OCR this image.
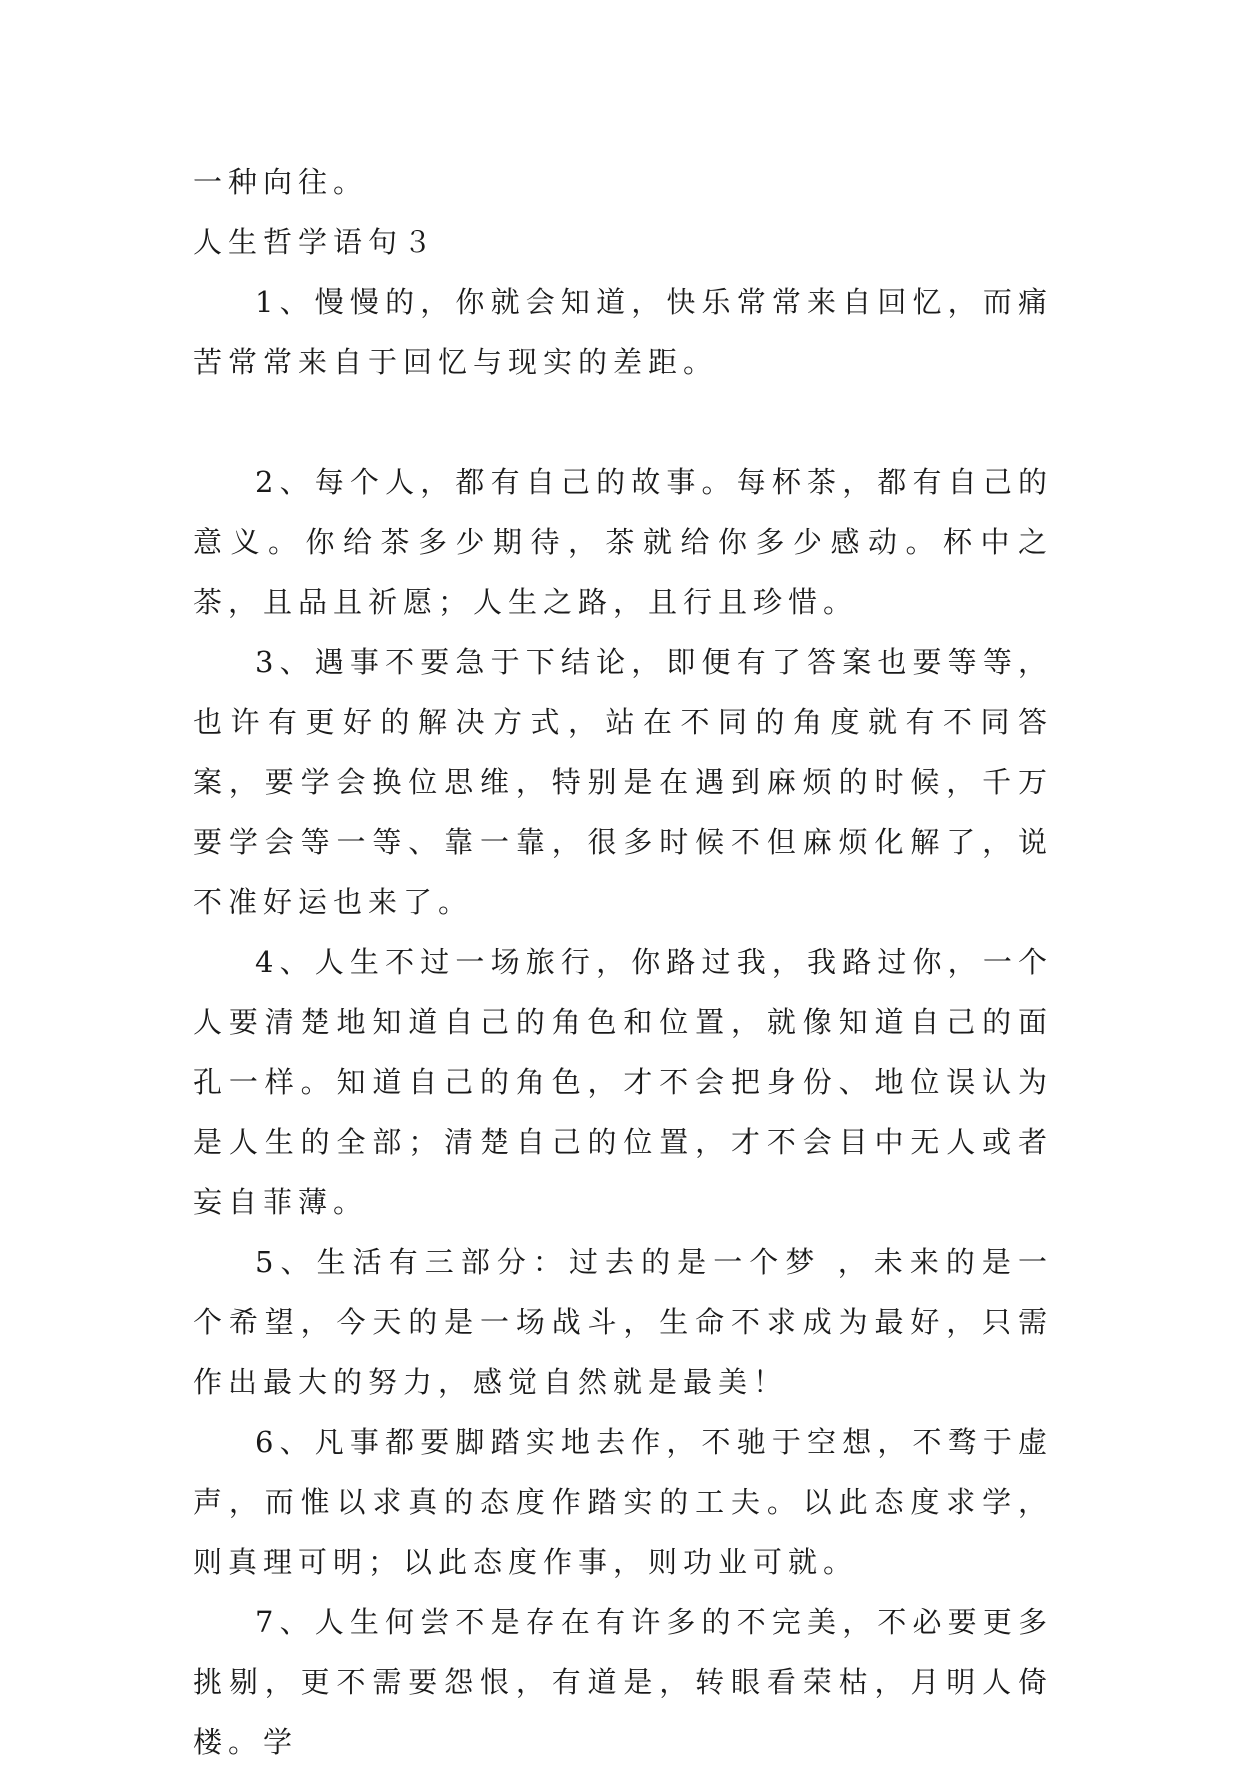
一种向往。

人生哲学语句３

1、慢慢的，你就会知道，快乐常常来自回忆，而痛苦常常来自于回忆与现实的差距。

2、每个人，都有自己的故事。每杯茶，都有自己的意义。你给茶多少期待，茶就给你多少感动。杯中之茶，且品且祈愿；人生之路，且行且珍惜。

3、遇事不要急于下结论，即便有了答案也要等等，也许有更好的解决方式，站在不同的角度就有不同答案，要学会换位思维，特别是在遇到麻烦的时候，千万要学会等一等、靠一靠，很多时候不但麻烦化解了，说不准好运也来了。

4、人生不过一场旅行，你路过我，我路过你，一个人要清楚地知道自己的角色和位置，就像知道自己的面孔一样。知道自己的角色，才不会把身份、地位误认为是人生的全部；清楚自己的位置，才不会目中无人或者妄自菲薄。

5、生活有三部分：过去的是一个梦 ，未来的是一个希望，今天的是一场战斗，生命不求成为最好，只需作出最大的努力，感觉自然就是最美！

6、凡事都要脚踏实地去作，不驰于空想，不骛于虚声，而惟以求真的态度作踏实的工夫。以此态度求学，则真理可明；以此态度作事，则功业可就。

7、人生何尝不是存在有许多的不完美，不必要更多挑剔，更不需要怨恨，有道是，转眼看荣枯，月明人倚楼。学
